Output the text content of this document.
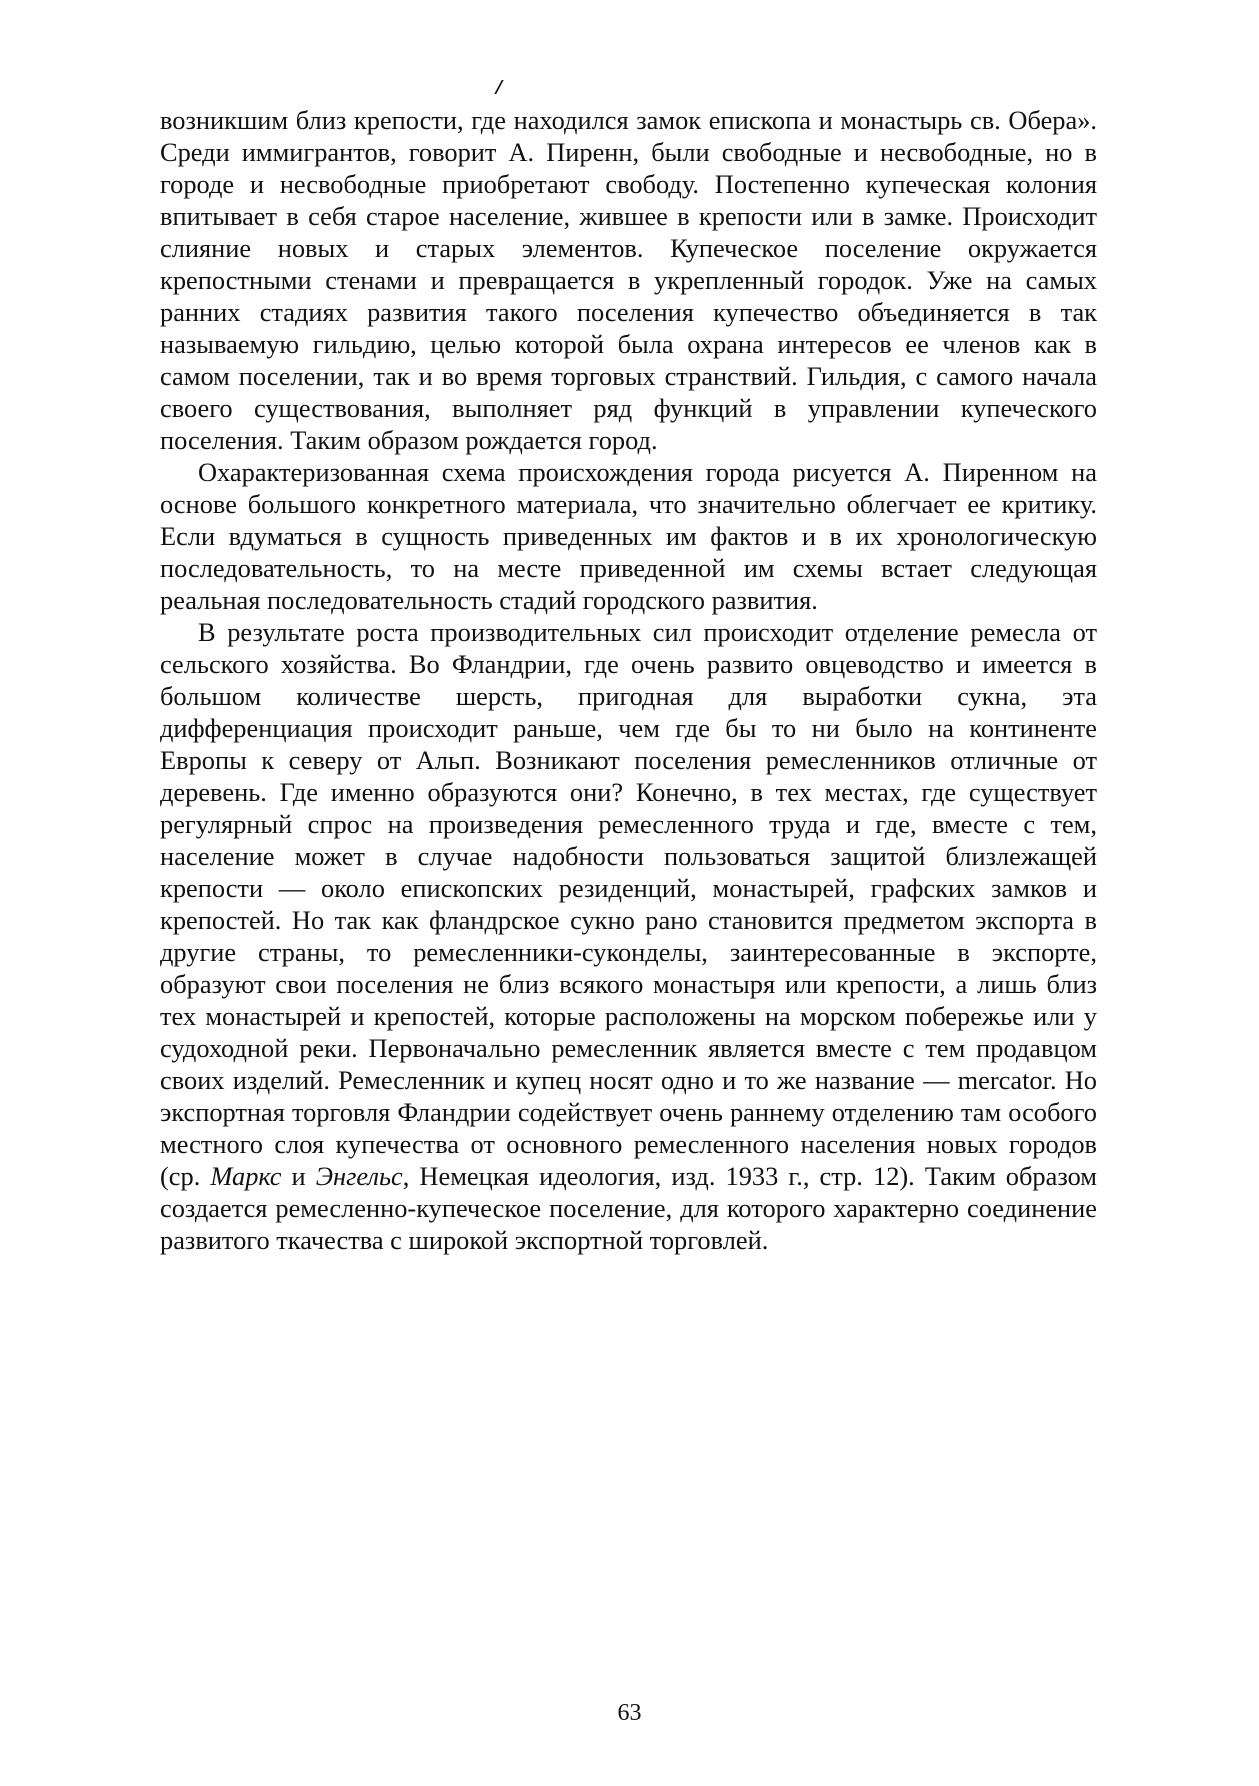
возникшим близ крепости, где находился замок епископа и монастырь св. Обера». Среди иммигрантов, говорит А. Пиренн, были свободные и несвободные, но в городе и несвободные приобретают свободу. Постепенно купеческая колония впитывает в себя старое население, жившее в крепости или в замке. Происходит слияние новых и старых элементов. Купеческое поселение окружается крепостными стенами и превращается в укрепленный городок. Уже на самых ранних стадиях развития такого поселения купечество объединяется в так называемую гильдию, целью которой была охрана интересов ее членов как в самом поселении, так и во время торговых странствий. Гильдия, с самого начала своего существования, выполняет ряд функций в управлении купеческого поселения. Таким образом рождается город.

Охарактеризованная схема происхождения города рисуется А. Пиренном на основе большого конкретного материала, что значительно облегчает ее критику. Если вдуматься в сущность приведенных им фактов и в их хронологическую последовательность, то на месте приведенной им схемы встает следующая реальная последовательность стадий городского развития.

В результате роста производительных сил происходит отделение ремесла от сельского хозяйства. Во Фландрии, где очень развито овцеводство и имеется в большом количестве шерсть, пригодная для выработки сукна, эта дифференциация происходит раньше, чем где бы то ни было на континенте Европы к северу от Альп. Возникают поселения ремесленников отличные от деревень. Где именно образуются они? Конечно, в тех местах, где существует регулярный спрос на произведения ремесленного труда и где, вместе с тем, население может в случае надобности пользоваться защитой близлежащей крепости — около епископских резиденций, монастырей, графских замков и крепостей. Но так как фландрское сукно рано становится предметом экспорта в другие страны, то ремесленники-суконделы, заинтересованные в экспорте, образуют свои поселения не близ всякого монастыря или крепости, а лишь близ тех монастырей и крепостей, которые расположены на морском побережье или у судоходной реки. Первоначально ремесленник является вместе с тем продавцом своих изделий. Ремесленник и купец носят одно и то же название — mercator. Но экспортная торговля Фландрии содействует очень раннему отделению там особого местного слоя купечества от основного ремесленного населения новых городов (ср. Маркс и Энгельс, Немецкая идеология, изд. 1933 г., стр. 12). Таким образом создается ремесленно-купеческое поселение, для которого характерно соединение развитого ткачества с широкой экспортной торговлей.

63
